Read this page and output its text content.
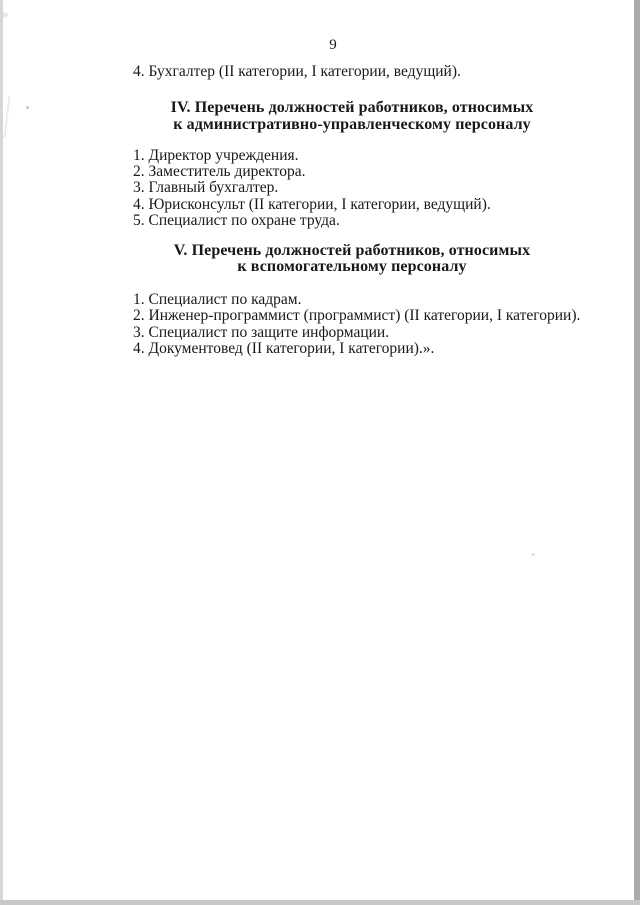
9

4. Бухгалтер (II категории, I категории, ведущий).

IV. Перечень должностей работников, относимых
к административно-управленческому персоналу
1. Директор учреждения.
2. Заместитель директора.
3. Главный бухгалтер.
4. Юрисконсульт (II категории, I категории, ведущий).
5. Специалист по охране труда.
V. Перечень должностей работников, относимых
к вспомогательному персоналу
1. Специалист по кадрам.
2. Инженер-программист (программист) (II категории, I категории).
3. Специалист по защите информации.
4. Документовед (II категории, I категории).».
